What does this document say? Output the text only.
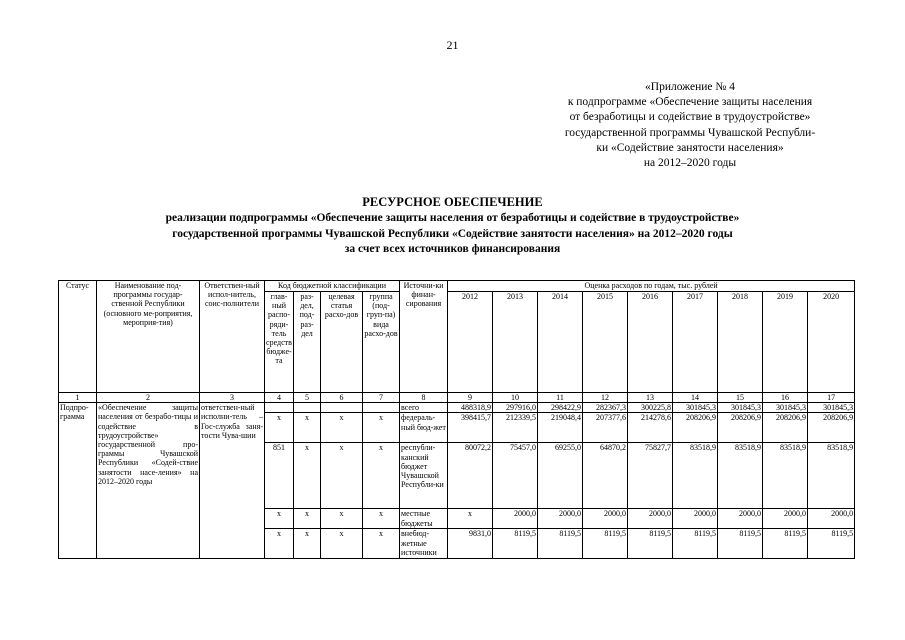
21
«Приложение № 4
к подпрограмме «Обеспечение защиты населения
от безработицы и содействие в трудоустройстве»
государственной программы Чувашской Республи-
ки «Содействие занятости населения»
на 2012–2020 годы
РЕСУРСНОЕ ОБЕСПЕЧЕНИЕ
реализации подпрограммы «Обеспечение защиты населения от безработицы и содействие в трудоустройстве»
государственной программы Чувашской Республики «Содействие занятости населения» на 2012–2020 годы
за счет всех источников финансирования
Статус	Наименование под-программы государ-ственной Республики (основного ме-роприятия, мероприя-тия)	Ответствен-ный испол-нитель, соис-полнители	Код бюджетной классификации				Источни-ки финан-сирования	Оценка расходов по годам, тыс. рублей								
			глав-ный распо-ряди-тель средств бюдже-та	раз-дел, под-раз-дел	целевая статья расхо-дов	группа (под-груп-па) вида расхо-дов		2012	2013	2014	2015	2016	2017	2018	2019	2020
1	2	3	4	5	6	7	8	9	10	11	12	13	14	15	16	17
Подпро-грамма	«Обеспечение защиты населения от безрабо-тицы и содействие в трудоустройстве» государственной про-граммы Чувашской Республики «Содей-ствие занятости насе-ления» на 2012–2020 годы	ответствен-ный исполни-тель – Гос-служба заня-тости Чува-шии					всего	488318,9	297916,0	298422,9	282367,3	300225,8	301845,3	301845,3	301845,3	301845,3
			x	x	x	x	федераль-ный бюд-жет	398415,7	212339,5	219048,4	207377,6	214278,6	208206,9	208206,9	208206,9	208206,9
			851	x	x	x	республи-канский бюджет Чувашской Республи-ки	80072,2	75457,0	69255,0	64870,2	75827,7	83518,9	83518,9	83518,9	83518,9
			x	x	x	x	местные бюджеты	x	2000,0	2000,0	2000,0	2000,0	2000,0	2000,0	2000,0	2000,0
			x	x	x	x	внебюд-жетные источники	9831,0	8119,5	8119,5	8119,5	8119,5	8119,5	8119,5	8119,5	8119,5
